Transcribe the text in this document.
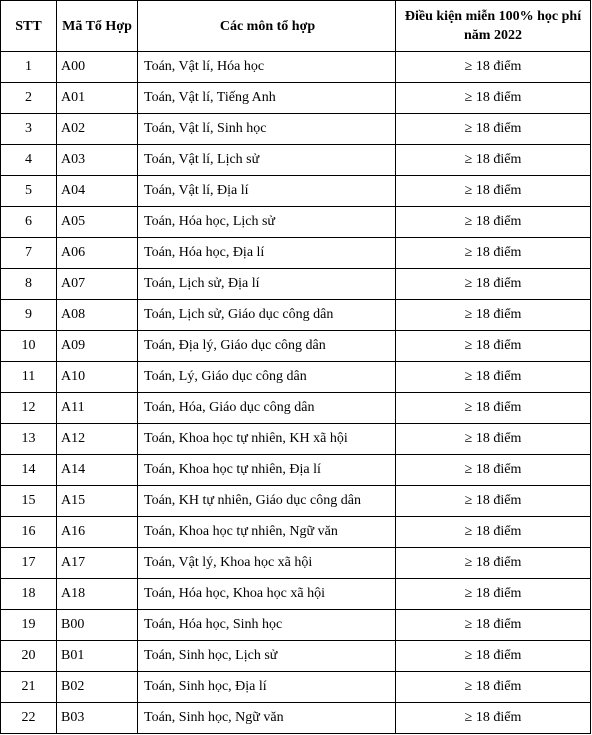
STT	Mã Tổ Hợp	Các môn tổ hợp	Điều kiện miễn 100% học phí năm 2022
1	A00	Toán, Vật lí, Hóa học	≥ 18 điểm
2	A01	Toán, Vật lí, Tiếng Anh	≥ 18 điểm
3	A02	Toán, Vật lí, Sinh học	≥ 18 điểm
4	A03	Toán, Vật lí, Lịch sử	≥ 18 điểm
5	A04	Toán, Vật lí, Địa lí	≥ 18 điểm
6	A05	Toán, Hóa học, Lịch sử	≥ 18 điểm
7	A06	Toán, Hóa học, Địa lí	≥ 18 điểm
8	A07	Toán, Lịch sử, Địa lí	≥ 18 điểm
9	A08	Toán, Lịch sử, Giáo dục công dân	≥ 18 điểm
10	A09	Toán, Địa lý, Giáo dục công dân	≥ 18 điểm
11	A10	Toán, Lý, Giáo dục công dân	≥ 18 điểm
12	A11	Toán, Hóa, Giáo dục công dân	≥ 18 điểm
13	A12	Toán, Khoa học tự nhiên, KH xã hội	≥ 18 điểm
14	A14	Toán, Khoa học tự nhiên, Địa lí	≥ 18 điểm
15	A15	Toán, KH tự nhiên, Giáo dục công dân	≥ 18 điểm
16	A16	Toán, Khoa học tự nhiên, Ngữ văn	≥ 18 điểm
17	A17	Toán, Vật lý, Khoa học xã hội	≥ 18 điểm
18	A18	Toán, Hóa học, Khoa học xã hội	≥ 18 điểm
19	B00	Toán, Hóa học, Sinh học	≥ 18 điểm
20	B01	Toán, Sinh học, Lịch sử	≥ 18 điểm
21	B02	Toán, Sinh học, Địa lí	≥ 18 điểm
22	B03	Toán, Sinh học, Ngữ văn	≥ 18 điểm
